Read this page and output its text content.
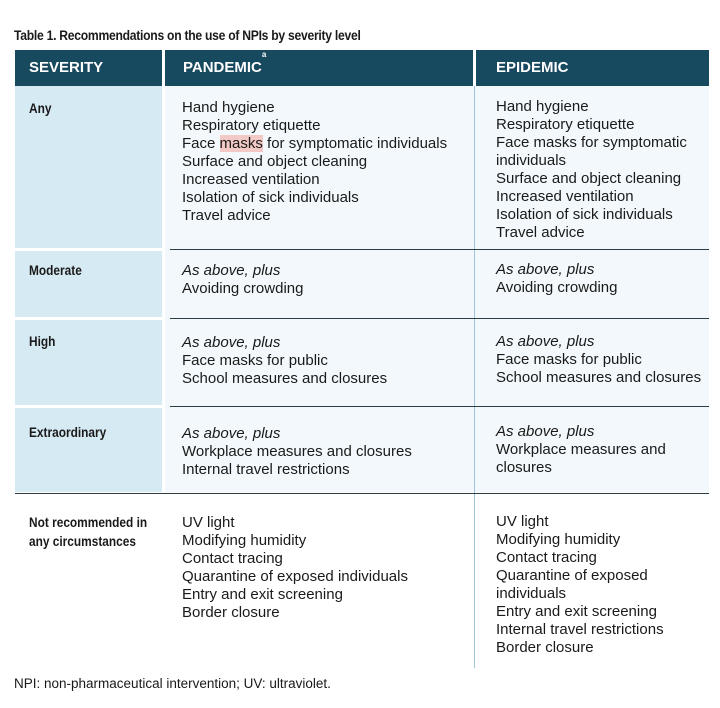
Table 1. Recommendations on the use of NPIs by severity level
SEVERITY	PANDEMIC$^a$
EPIDEMIC
Any
Moderate
High
Extraordinary
Not recommended in
any circumstances
Hand hygiene
Respiratory etiquette
Face masks for symptomatic individuals
Surface and object cleaning
Increased ventilation
Isolation of sick individuals
Travel advice
Hand hygiene
Respiratory etiquette
Face masks for symptomatic
individuals
Surface and object cleaning
Increased ventilation
Isolation of sick individuals
Travel advice
As above, plus
Avoiding crowding
As above, plus
Avoiding crowding
As above, plus
Face masks for public
School measures and closures
As above, plus
Face masks for public
School measures and closures
As above, plus
Workplace measures and closures
Internal travel restrictions
As above, plus
Workplace measures and
closures
UV light
Modifying humidity
Contact tracing
Quarantine of exposed individuals
Entry and exit screening
Border closure
UV light
Modifying humidity
Contact tracing
Quarantine of exposed
individuals
Entry and exit screening
Internal travel restrictions
Border closure
NPI: non-pharmaceutical intervention; UV: ultraviolet.
